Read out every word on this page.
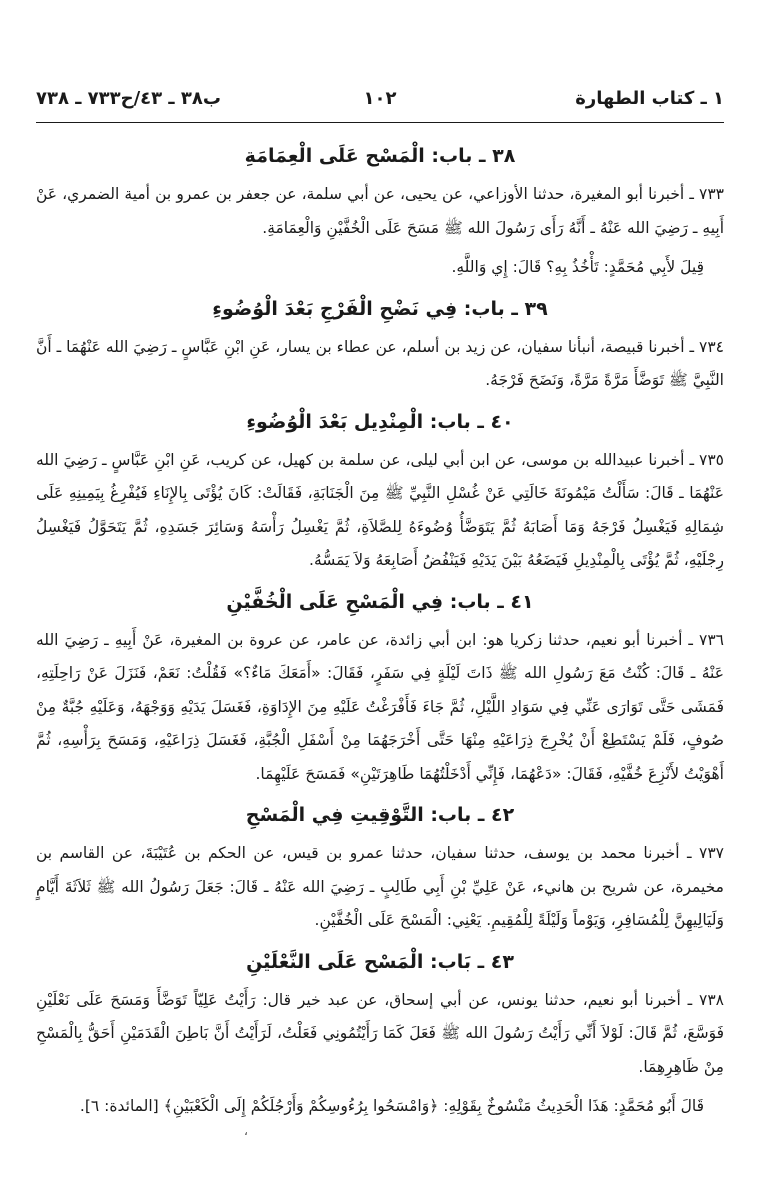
١ ـ كتاب الطهارة
١٠٢
ب٣٨ ـ ٤٣/ح٧٣٣ ـ ٧٣٨
٣٨ ـ باب: الْمَسْح عَلَى الْعِمَامَةِ

٧٣٣ ـ أخبرنا أبو المغيرة، حدثنا الأوزاعي، عن يحيى، عن أبي سلمة، عن جعفر بن عمرو بن أمية الضمري، عَنْ أَبِيهِ ـ رَضِيَ الله عَنْهُ ـ أَنَّهُ رَأَى رَسُولَ الله ﷺ مَسَحَ عَلَى الْخُفَّيْنِ وَالْعِمَامَةِ.

قِيلَ لأَبِي مُحَمَّدٍ: تَأْخُذُ بِهِ؟ قَالَ: إِي وَاللَّهِ.

٣٩ ـ باب: فِي نَضْحِ الْفَرْجِ بَعْدَ الْوُضُوءِ

٧٣٤ ـ أخبرنا قبيصة، أنبأنا سفيان، عن زيد بن أسلم، عن عطاء بن يسار، عَنِ ابْنِ عَبَّاسٍ ـ رَضِيَ الله عَنْهُمَا ـ أَنَّ النَّبِيَّ ﷺ تَوَضَّأَ مَرَّةً مَرَّةً، وَنَضَحَ فَرْجَهُ.

٤٠ ـ باب: الْمِنْدِيل بَعْدَ الْوُضُوءِ

٧٣٥ ـ أخبرنا عبيدالله بن موسى، عن ابن أبي ليلى، عن سلمة بن كهيل، عن كريب، عَنِ ابْنِ عَبَّاسٍ ـ رَضِيَ الله عَنْهُمَا ـ قَالَ: سَأَلْتُ مَيْمُونَةَ خَالَتِي عَنْ غُسْلِ النَّبِيِّ ﷺ مِنَ الْجَنَابَةِ، فَقَالَتْ: كَانَ يُؤْتَى بِالإِنَاءِ فَيُفْرِغُ بِيَمِينِهِ عَلَى شِمَالِهِ فَيَغْسِلُ فَرْجَهُ وَمَا أَصَابَهُ ثُمَّ يَتَوَضَّأُ وُضُوءَهُ لِلصَّلاَةِ، ثُمَّ يَغْسِلُ رَأْسَهُ وَسَائِرَ جَسَدِهِ، ثُمَّ يَتَحَوَّلُ فَيَغْسِلُ رِجْلَيْهِ، ثُمَّ يُؤْتَى بِالْمِنْدِيلِ فَيَضَعُهُ بَيْنَ يَدَيْهِ فَيَنْفُضُ أَصَابِعَهُ وَلاَ يَمَسُّهُ.

٤١ ـ باب: فِي الْمَسْحِ عَلَى الْخُفَّيْنِ

٧٣٦ ـ أخبرنا أبو نعيم، حدثنا زكريا هو: ابن أبي زائدة، عن عامر، عن عروة بن المغيرة، عَنْ أَبِيهِ ـ رَضِيَ الله عَنْهُ ـ قَالَ: كُنْتُ مَعَ رَسُولِ الله ﷺ ذَاتَ لَيْلَةٍ فِي سَفَرٍ، فَقَالَ: «أَمَعَكَ مَاءٌ؟» فَقُلْتُ: نَعَمْ، فَنَزَلَ عَنْ رَاحِلَتِهِ، فَمَشَى حَتَّى تَوَارَى عَنِّي فِي سَوَادِ اللَّيْلِ، ثُمَّ جَاءَ فَأَفْرَغْتُ عَلَيْهِ مِنَ الإِدَاوَةِ، فَغَسَلَ يَدَيْهِ وَوَجْهَهُ، وَعَلَيْهِ جُبَّةٌ مِنْ صُوفٍ، فَلَمْ يَسْتَطِعْ أَنْ يُخْرِجَ ذِرَاعَيْهِ مِنْهَا حَتَّى أَخْرَجَهُمَا مِنْ أَسْفَلِ الْجُبَّةِ، فَغَسَلَ ذِرَاعَيْهِ، وَمَسَحَ بِرَأْسِهِ، ثُمَّ أَهْوَيْتُ لأَنْزِعَ خُفَّيْهِ، فَقَالَ: «دَعْهُمَا، فَإِنِّي أَدْخَلْتُهُمَا طَاهِرَتَيْنِ» فَمَسَحَ عَلَيْهِمَا.

٤٢ ـ باب: التَّوْقِيتِ فِي الْمَسْحِ

٧٣٧ ـ أخبرنا محمد بن يوسف، حدثنا سفيان، حدثنا عمرو بن قيس، عن الحكم بن عُتَيْبَةَ، عن القاسم بن مخيمرة، عن شريح بن هانيء، عَنْ عَلِيِّ بْنِ أَبِي طَالِبٍ ـ رَضِيَ الله عَنْهُ ـ قَالَ: جَعَلَ رَسُولُ الله ﷺ ثَلاَثَةَ أَيَّامٍ وَلَيَالِيهِنَّ لِلْمُسَافِرِ، وَيَوْماً وَلَيْلَةً لِلْمُقِيمِ. يَعْنِي: الْمَسْحَ عَلَى الْخُفَّيْنِ.

٤٣ ـ بَاب: الْمَسْح عَلَى النَّعْلَيْنِ

٧٣٨ ـ أخبرنا أبو نعيم، حدثنا يونس، عن أبي إسحاق، عن عبد خير قال: رَأَيْتُ عَلِيّاً تَوَضَّأَ وَمَسَحَ عَلَى نَعْلَيْنِ فَوَسَّعَ، ثُمَّ قَالَ: لَوْلاَ أَنِّي رَأَيْتُ رَسُولَ الله ﷺ فَعَلَ كَمَا رَأَيْتُمُونِي فَعَلْتُ، لَرَأَيْتُ أَنَّ بَاطِنَ الْقَدَمَيْنِ أَحَقُّ بِالْمَسْحِ مِنْ ظَاهِرِهِمَا.

قَالَ أَبُو مُحَمَّدٍ: هَذَا الْحَدِيثُ مَنْسُوخٌ بِقَوْلِهِ: ﴿وَامْسَحُوا بِرُءُوسِكُمْ وَأَرْجُلَكُمْ إِلَى الْكَعْبَيْنِ﴾ [المائدة: ٦].

،
